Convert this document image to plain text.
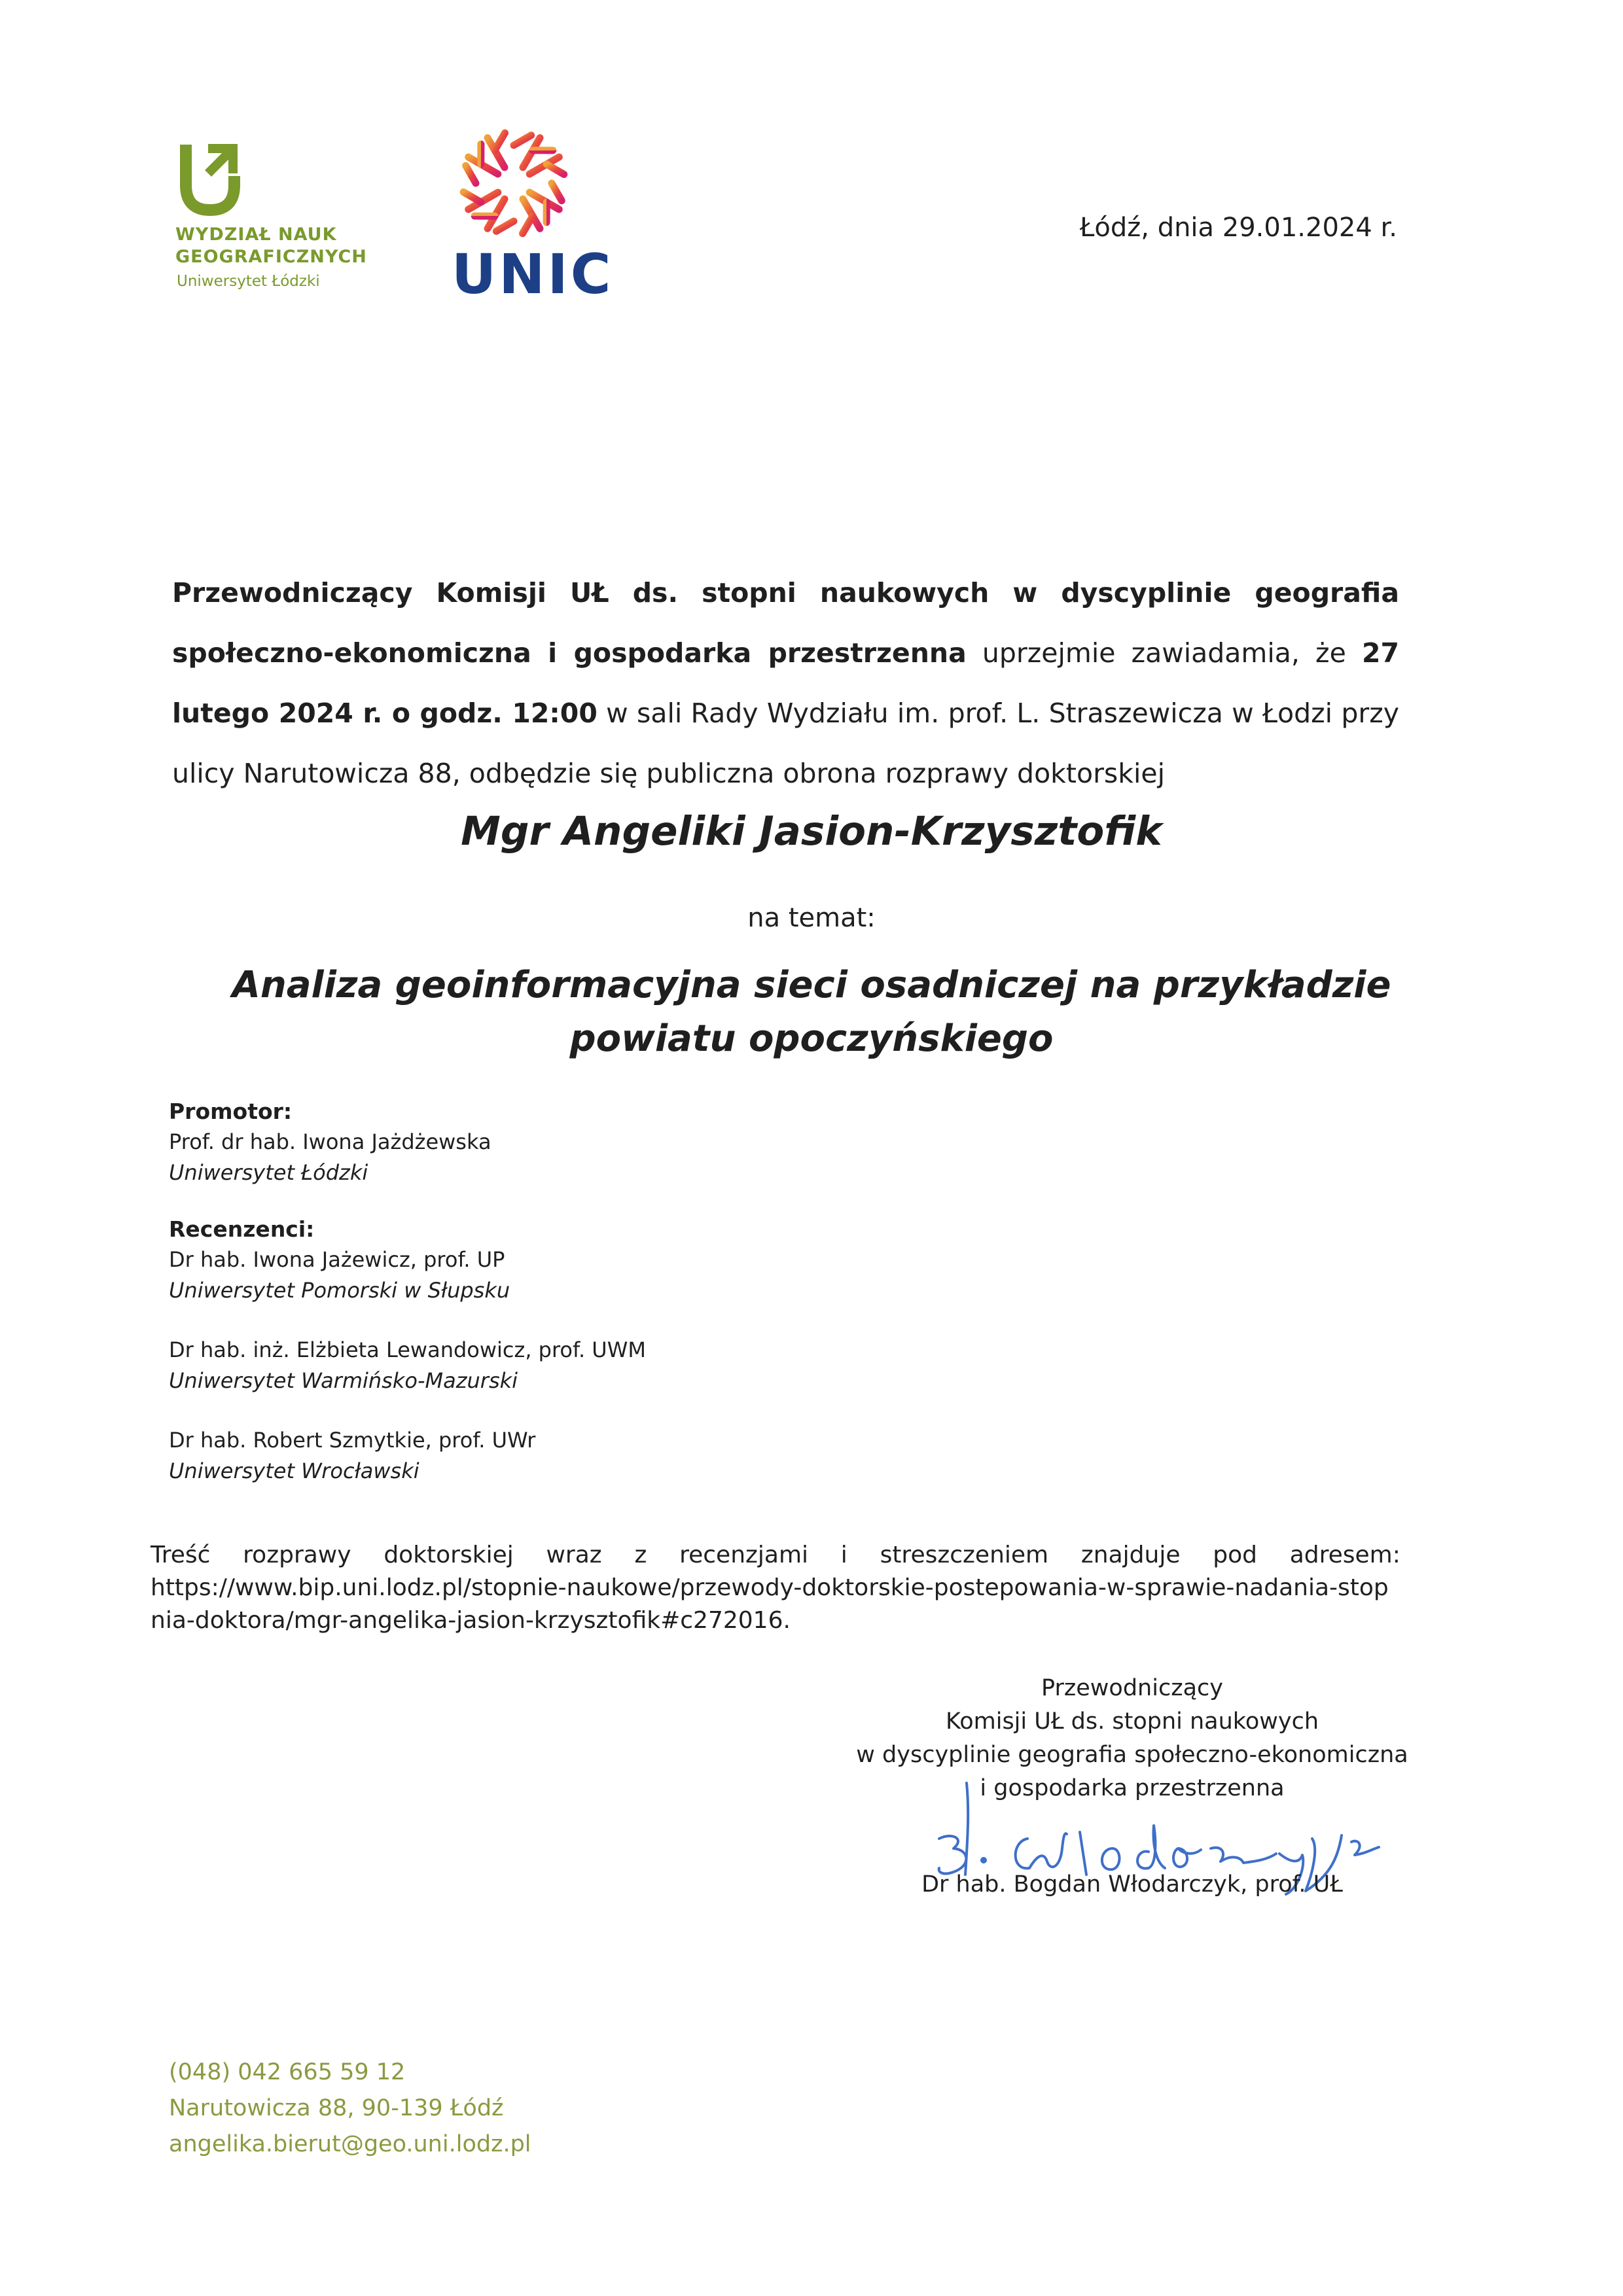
WYDZIAŁ NAUK
GEOGRAFICZNYCH
Uniwersytet Łódzki UNIC
Łódź, dnia 29.01.2024 r.
Przewodniczący Komisji UŁ ds. stopni naukowych w dyscyplinie geografia społeczno-ekonomiczna i gospodarka przestrzenna uprzejmie zawiadamia, że 27 lutego 2024 r. o godz. 12:00 w sali Rady Wydziału im. prof. L. Straszewicza w Łodzi przy ulicy Narutowicza 88, odbędzie się publiczna obrona rozprawy doktorskiej
Mgr Angeliki Jasion-Krzysztofik
na temat:
Analiza geoinformacyjna sieci osadniczej na przykładzie powiatu opoczyńskiego
Promotor:
Prof. dr hab. Iwona Jażdżewska
Uniwersytet Łódzki
Recenzenci:
Dr hab. Iwona Jażewicz, prof. UP
Uniwersytet Pomorski w Słupsku
Dr hab. inż. Elżbieta Lewandowicz, prof. UWM
Uniwersytet Warmińsko-Mazurski
Dr hab. Robert Szmytkie, prof. UWr
Uniwersytet Wrocławski
Treść rozprawy doktorskiej wraz z recenzjami i streszczeniem znajduje pod adresem:
https://www.bip.uni.lodz.pl/stopnie-naukowe/przewody-doktorskie-postepowania-w-sprawie-nadania-stopnia-doktora/mgr-angelika-jasion-krzysztofik#c272016.
Przewodniczący
Komisji UŁ ds. stopni naukowych
w dyscyplinie geografia społeczno-ekonomiczna
i gospodarka przestrzenna
Dr hab. Bogdan Włodarczyk, prof. UŁ
(048) 042 665 59 12
Narutowicza 88, 90-139 Łódź
angelika.bierut@geo.uni.lodz.pl
